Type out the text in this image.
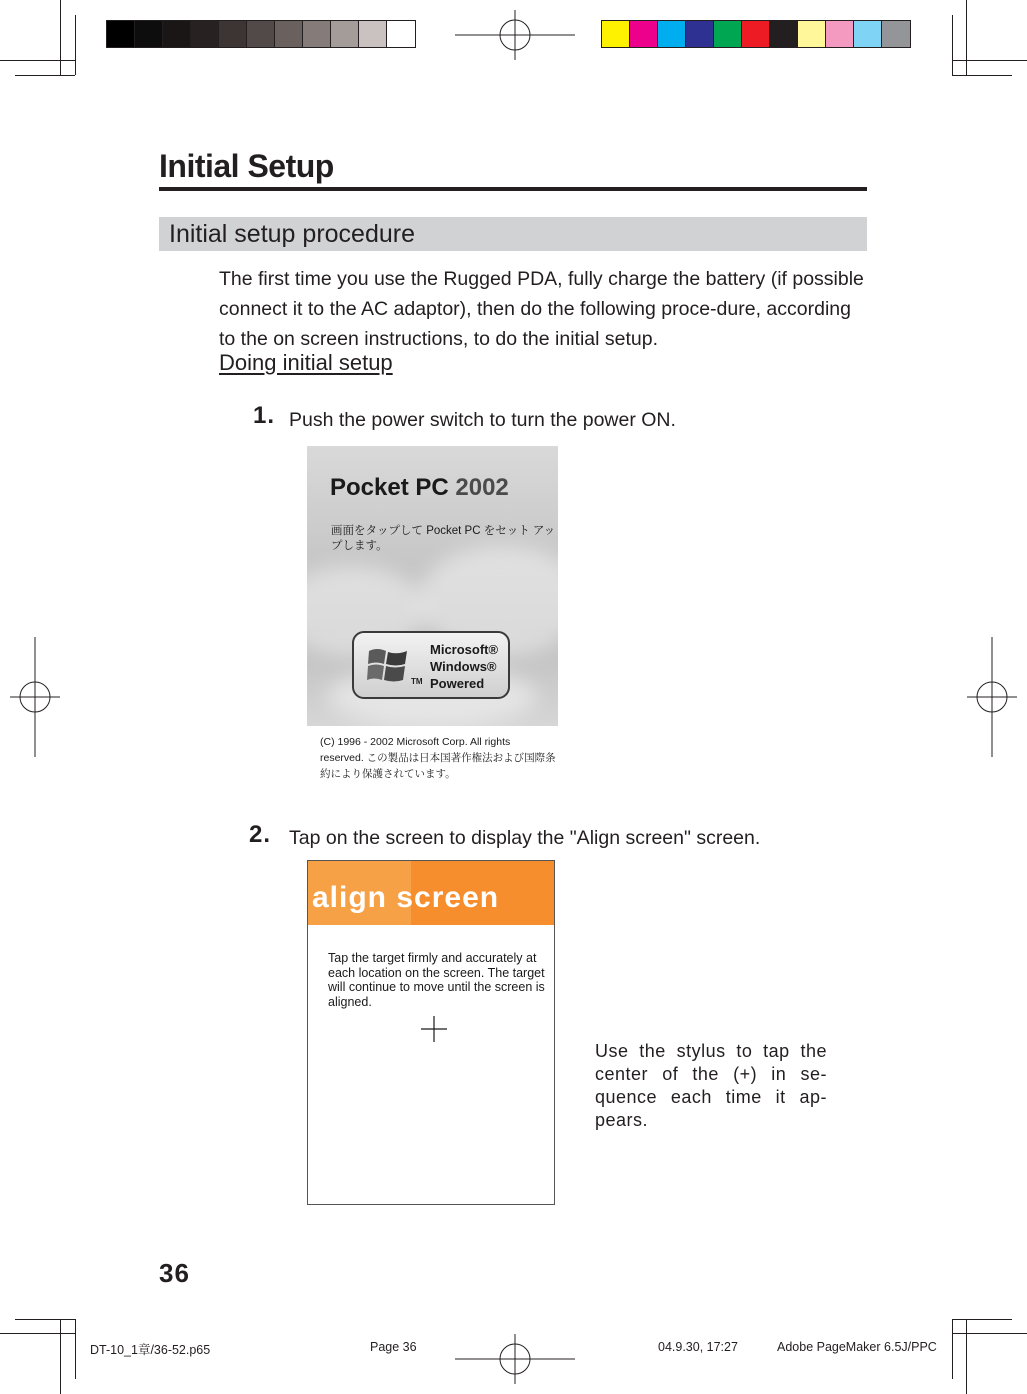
Initial Setup
Initial setup procedure
The first time you use the Rugged PDA, fully charge the battery (if possible connect it to the AC adaptor), then do the following proce-dure, according to the on screen instructions, to do the initial setup.
Doing initial setup
1. Push the power switch to turn the power ON.
Pocket PC 2002
画面をタップして Pocket PC をセット アップします。
TM
Microsoft®
Windows®
Powered
(C) 1996 - 2002 Microsoft Corp. All rights reserved. この製品は日本国著作権法および国際条約により保護されています。
2. Tap on the screen to display the "Align screen" screen.
align screen
Tap the target firmly and accurately at each location on the screen. The target will continue to move until the screen is aligned.
Use the stylus to tap the center of the (+) in se-quence each time it ap-pears.
36
DT-10_1章/36-52.p65	Page 36	04.9.30, 17:27	Adobe PageMaker 6.5J/PPC
